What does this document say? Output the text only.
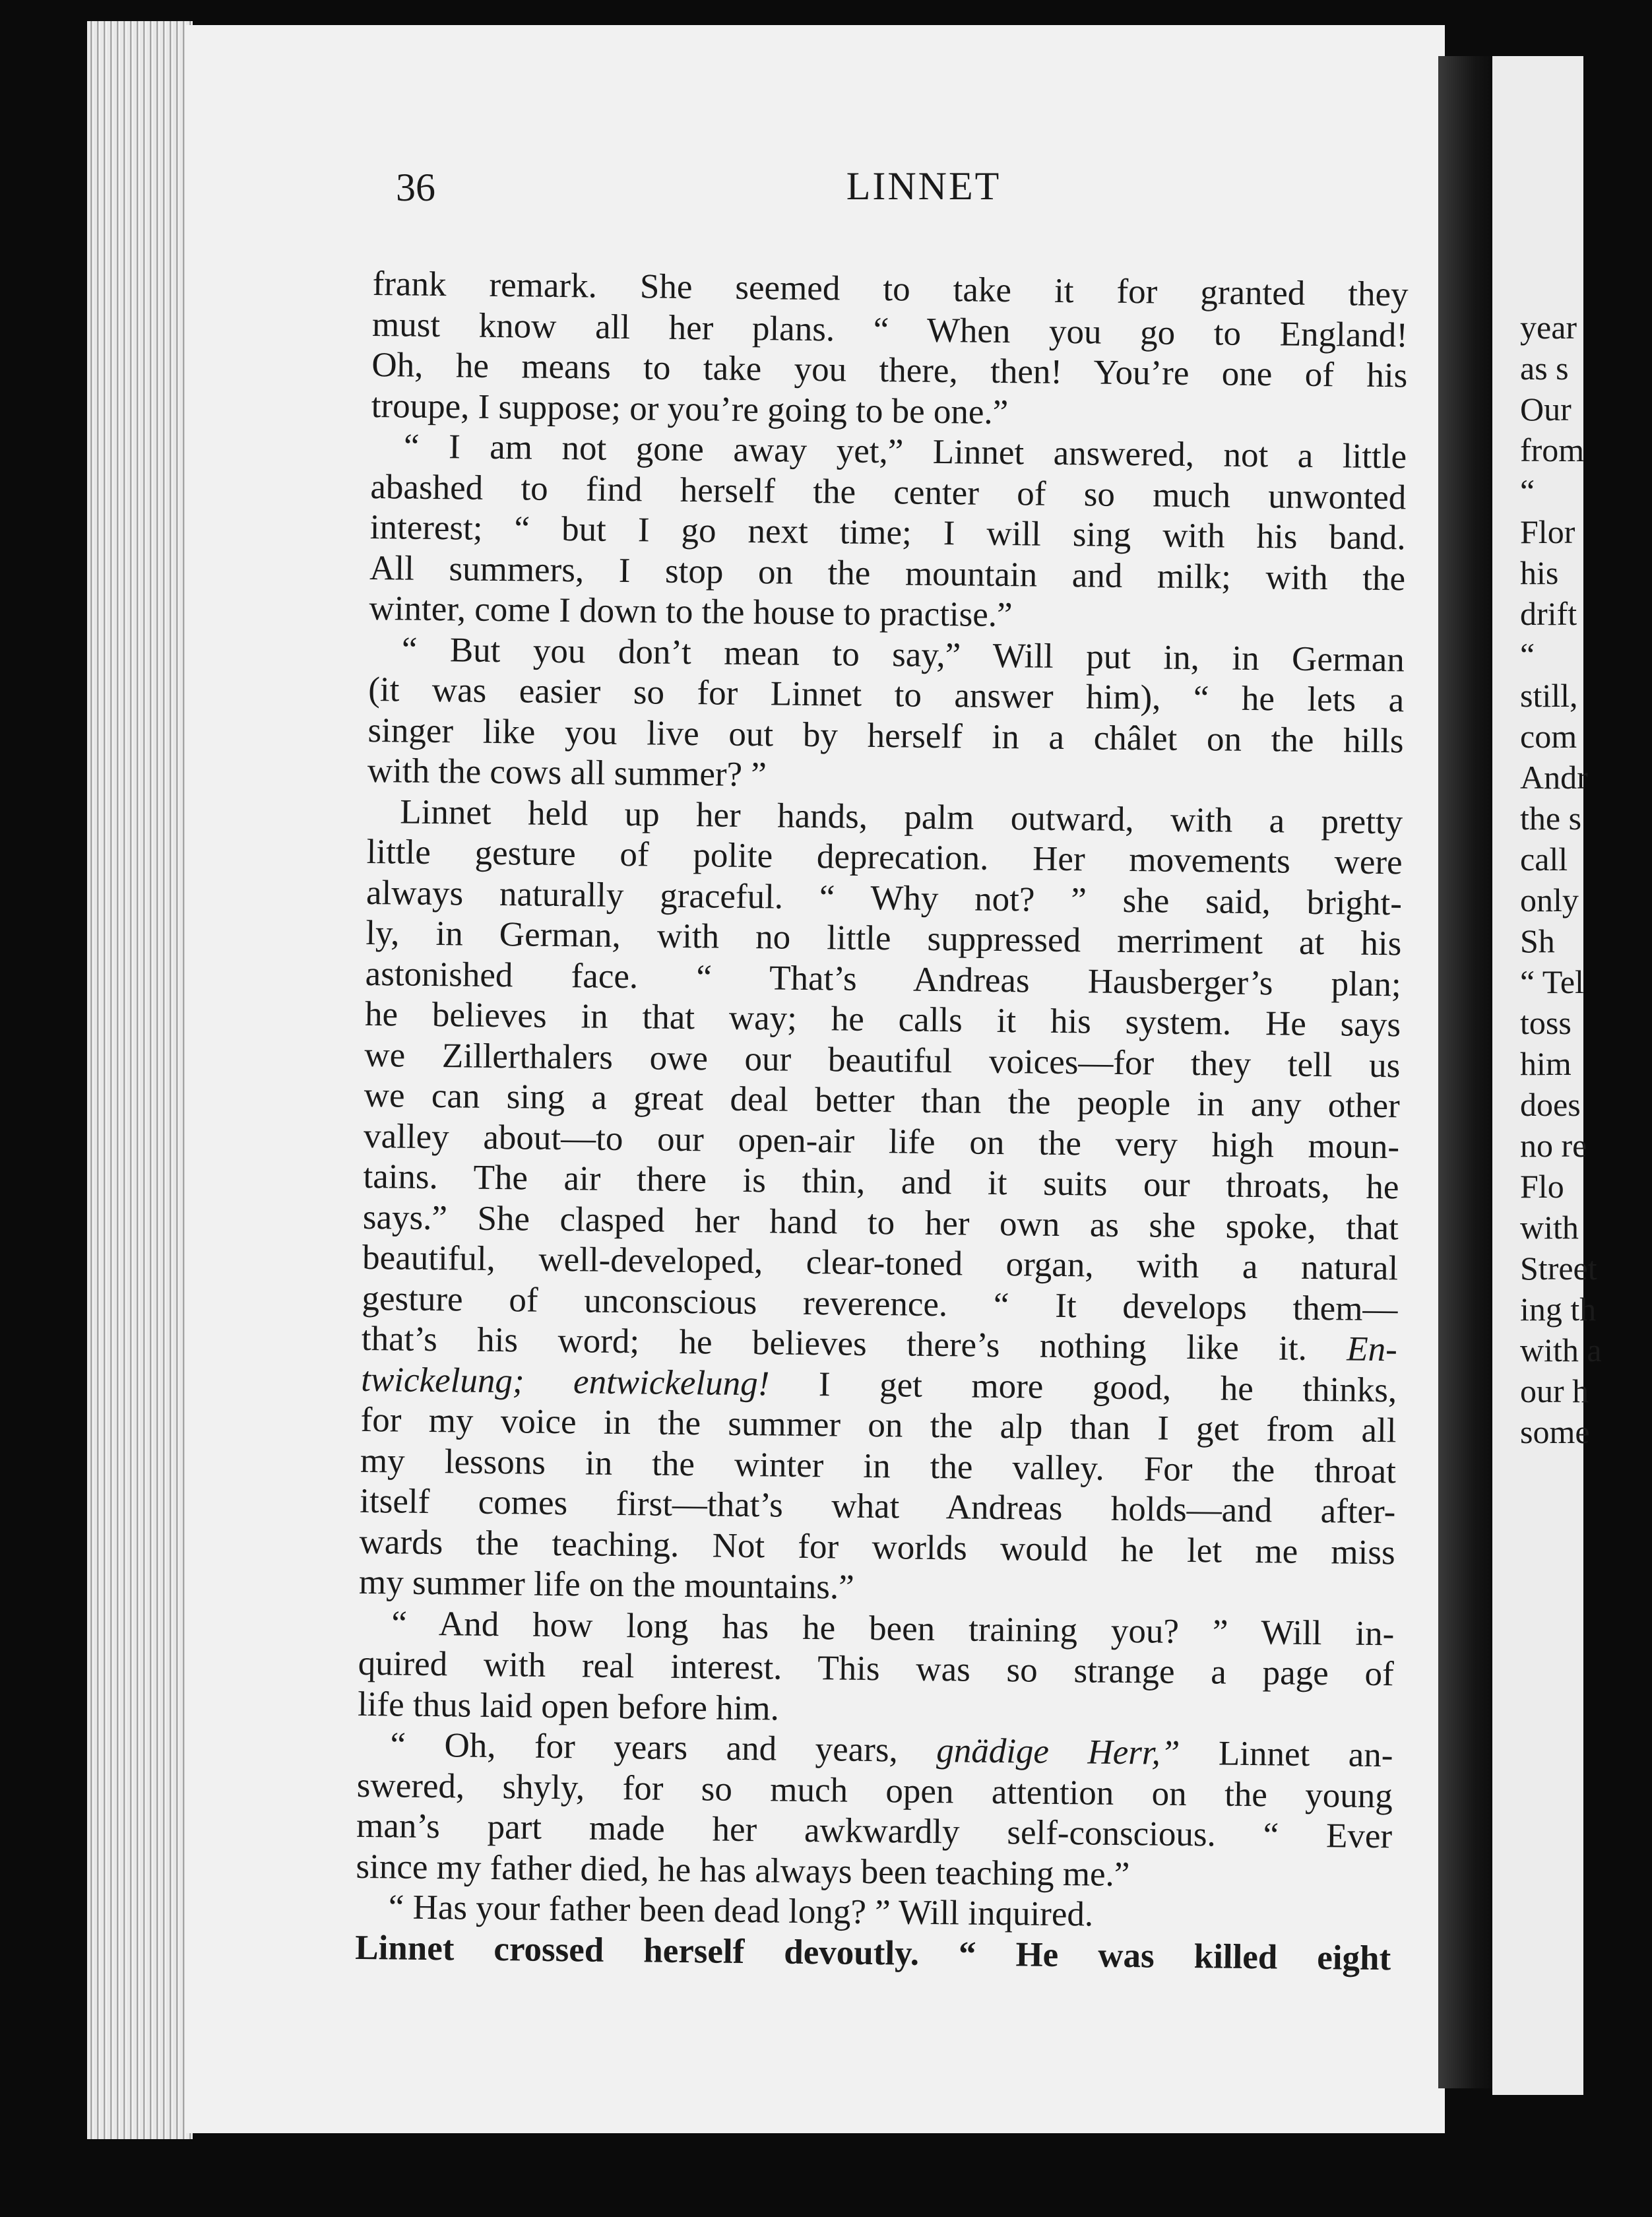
year
as s
Our
from
“
Flor
his
drift
“
still,
com
Andr
the s
call
only
Sh
“ Tel
toss
him
does
no re
Flo
with
Street
ing th
with a
our h
some
36	LINNET
frank remark. She seemed to take it for granted they
must know all her plans. “ When you go to England!
Oh, he means to take you there, then! You’re one of his
troupe, I suppose; or you’re going to be one.”
“ I am not gone away yet,” Linnet answered, not a little
abashed to find herself the center of so much unwonted
interest; “ but I go next time; I will sing with his band.
All summers, I stop on the mountain and milk; with the
winter, come I down to the house to practise.”
“ But you don’t mean to say,” Will put in, in German
(it was easier so for Linnet to answer him), “ he lets a
singer like you live out by herself in a châlet on the hills
with the cows all summer? ”
Linnet held up her hands, palm outward, with a pretty
little gesture of polite deprecation. Her movements were
always naturally graceful. “ Why not? ” she said, bright-
ly, in German, with no little suppressed merriment at his
astonished face. “ That’s Andreas Hausberger’s plan;
he believes in that way; he calls it his system. He says
we Zillerthalers owe our beautiful voices—for they tell us
we can sing a great deal better than the people in any other
valley about—to our open-air life on the very high moun-
tains. The air there is thin, and it suits our throats, he
says.” She clasped her hand to her own as she spoke, that
beautiful, well-developed, clear-toned organ, with a natural
gesture of unconscious reverence. “ It develops them—
that’s his word; he believes there’s nothing like it. En-
twickelung; entwickelung! I get more good, he thinks,
for my voice in the summer on the alp than I get from all
my lessons in the winter in the valley. For the throat
itself comes first—that’s what Andreas holds—and after-
wards the teaching. Not for worlds would he let me miss
my summer life on the mountains.”
“ And how long has he been training you? ” Will in-
quired with real interest. This was so strange a page of
life thus laid open before him.
“ Oh, for years and years, gnädige Herr,” Linnet an-
swered, shyly, for so much open attention on the young
man’s part made her awkwardly self-conscious. “ Ever
since my father died, he has always been teaching me.”
“ Has your father been dead long? ” Will inquired.
Linnet crossed herself devoutly. “ He was killed eight
